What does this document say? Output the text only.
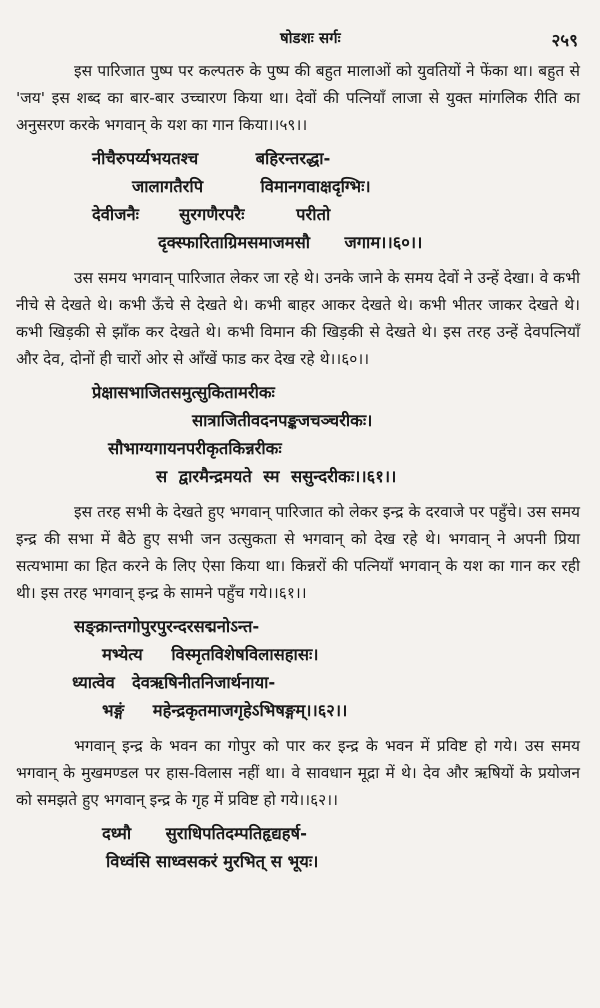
षोडशः सर्गः	२५९

इस पारिजात पुष्प पर कल्पतरु के पुष्प की बहुत मालाओं को युवतियों ने फेंका था। बहुत से 'जय' इस शब्द का बार-बार उच्चारण किया था। देवों की पत्नियाँ लाजा से युक्त मांगलिक रीति का अनुसरण करके भगवान् के यश का गान किया।।५९।।

नीचैरुपर्य्यभयतश्च          बहिरन्तरद्धा-
जालागतैरपि          विमानगवाक्षदृग्भिः।
देवीजनैः       सुरगणैरपरैः         परीतो
दृक्स्फारिताग्रिमसमाजमसौ      जगाम।।६०।।

उस समय भगवान् पारिजात लेकर जा रहे थे। उनके जाने के समय देवों ने उन्हें देखा। वे कभी नीचे से देखते थे। कभी ऊँचे से देखते थे। कभी बाहर आकर देखते थे। कभी भीतर जाकर देखते थे। कभी खिड़की से झाँक कर देखते थे। कभी विमान की खिड़की से देखते थे। इस तरह उन्हें देवपत्नियाँ और देव, दोनों ही चारों ओर से आँखें फाड कर देख रहे थे।।६०।।

प्रेक्षासभाजितसमुत्सुकितामरीकः
सात्राजितीवदनपङ्कजचञ्चरीकः।
सौभाग्यगायनपरीकृतकिन्नरीकः
स  द्वारमैन्द्रमयते  स्म  ससुन्दरीकः।।६१।।

इस तरह सभी के देखते हुए भगवान् पारिजात को लेकर इन्द्र के दरवाजे पर पहुँचे। उस समय इन्द्र की सभा में बैठे हुए सभी जन उत्सुकता से भगवान् को देख रहे थे। भगवान् ने अपनी प्रिया सत्यभामा का हित करने के लिए ऐसा किया था। किन्नरों की पत्नियाँ भगवान् के यश का गान कर रही थी। इस तरह भगवान् इन्द्र के सामने पहुँच गये।।६१।।

सङ्क्रान्तगोपुरपुरन्दरसद्मनोऽन्त-
मभ्येत्य     विस्मृतविशेषविलासहासः।
ध्यात्वेव   देवऋषिनीतनिजार्थनाया-
भङ्गं     महेन्द्रकृतमाजगृहेऽभिषङ्गम्।।६२।।

भगवान् इन्द्र के भवन का गोपुर को पार कर इन्द्र के भवन में प्रविष्ट हो गये। उस समय भगवान् के मुखमण्डल पर हास-विलास नहीं था। वे सावधान मूद्रा में थे। देव और ऋषियों के प्रयोजन को समझते हुए भगवान् इन्द्र के गृह में प्रविष्ट हो गये।।६२।।

दध्मौ      सुराधिपतिदम्पतिहृद्यहर्ष-
विध्वंसि साध्वसकरं मुरभित् स भूयः।
